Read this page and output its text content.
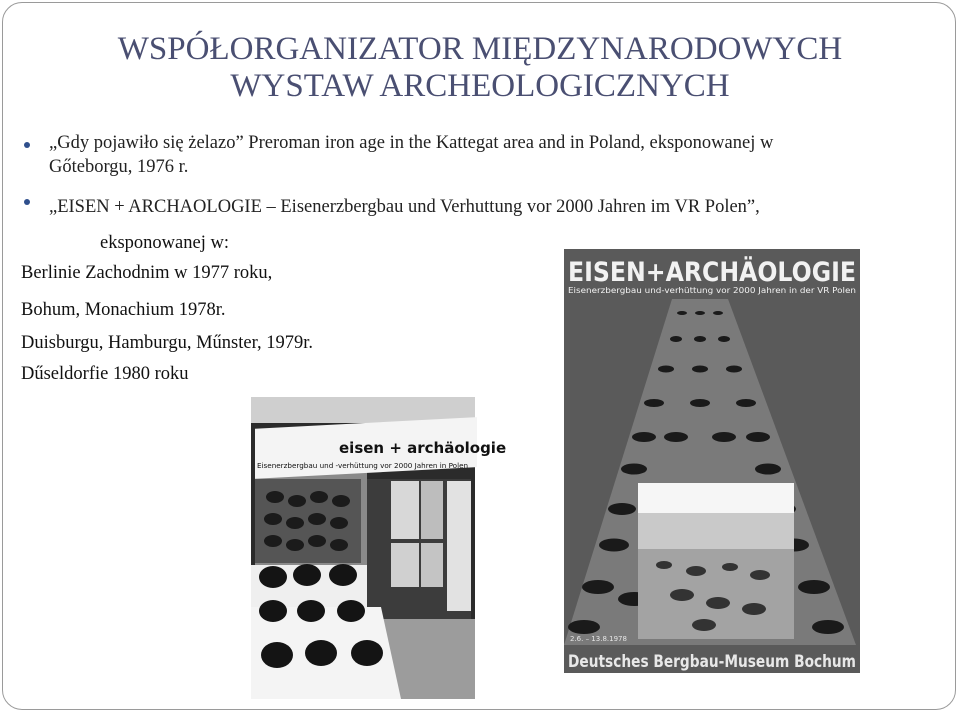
WSPÓŁORGANIZATOR MIĘDZYNARODOWYCH
WYSTAW ARCHEOLOGICZNYCH
„Gdy pojawiło się żelazo” Preroman iron age in the Kattegat area and in Poland, eksponowanej w
Gőteborgu, 1976 r.
„EISEN + ARCHAOLOGIE – Eisenerzbergbau und Verhuttung vor 2000 Jahren im VR Polen”,
eksponowanej w:
Berlinie Zachodnim w 1977 roku,
Bohum, Monachium 1978r.
Duisburgu, Hamburgu, Műnster, 1979r.
Dűseldorfie 1980 roku
eisen + archäologie
Eisenerzbergbau und -verhüttung vor 2000 Jahren in Polen
EISEN+ARCHÄOLOGIE
Eisenerzbergbau und-verhüttung vor 2000 Jahren in der VR Polen
2.6. – 13.8.1978
Deutsches Bergbau-Museum Bochum
